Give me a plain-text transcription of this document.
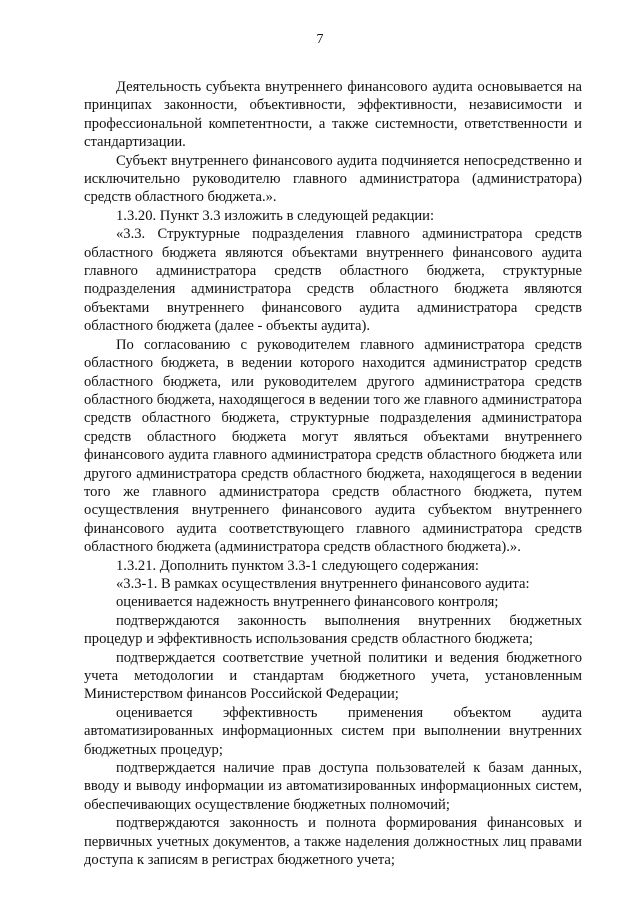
7

Деятельность субъекта внутреннего финансового аудита основывается на принципах законности, объективности, эффективности, независимости и профессиональной компетентности, а также системности, ответственности и стандартизации.

Субъект внутреннего финансового аудита подчиняется непосредственно и исключительно руководителю главного администратора (администратора) средств областного бюджета.».

1.3.20. Пункт 3.3 изложить в следующей редакции:

«3.3. Структурные подразделения главного администратора средств областного бюджета являются объектами внутреннего финансового аудита главного администратора средств областного бюджета, структурные подразделения администратора средств областного бюджета являются объектами внутреннего финансового аудита администратора средств областного бюджета (далее - объекты аудита).

По согласованию с руководителем главного администратора средств областного бюджета, в ведении которого находится администратор средств областного бюджета, или руководителем другого администратора средств областного бюджета, находящегося в ведении того же главного администратора средств областного бюджета, структурные подразделения администратора средств областного бюджета могут являться объектами внутреннего финансового аудита главного администратора средств областного бюджета или другого администратора средств областного бюджета, находящегося в ведении того же главного администратора средств областного бюджета, путем осуществления внутреннего финансового аудита субъектом внутреннего финансового аудита соответствующего главного администратора средств областного бюджета (администратора средств областного бюджета).».

1.3.21. Дополнить пунктом 3.3-1 следующего содержания:

«3.3-1. В рамках осуществления внутреннего финансового аудита:

оценивается надежность внутреннего финансового контроля;

подтверждаются законность выполнения внутренних бюджетных процедур и эффективность использования средств областного бюджета;

подтверждается соответствие учетной политики и ведения бюджетного учета методологии и стандартам бюджетного учета, установленным Министерством финансов Российской Федерации;

оценивается эффективность применения объектом аудита автоматизированных информационных систем при выполнении внутренних бюджетных процедур;

подтверждается наличие прав доступа пользователей к базам данных, вводу и выводу информации из автоматизированных информационных систем, обеспечивающих осуществление бюджетных полномочий;

подтверждаются законность и полнота формирования финансовых и первичных учетных документов, а также наделения должностных лиц правами доступа к записям в регистрах бюджетного учета;
